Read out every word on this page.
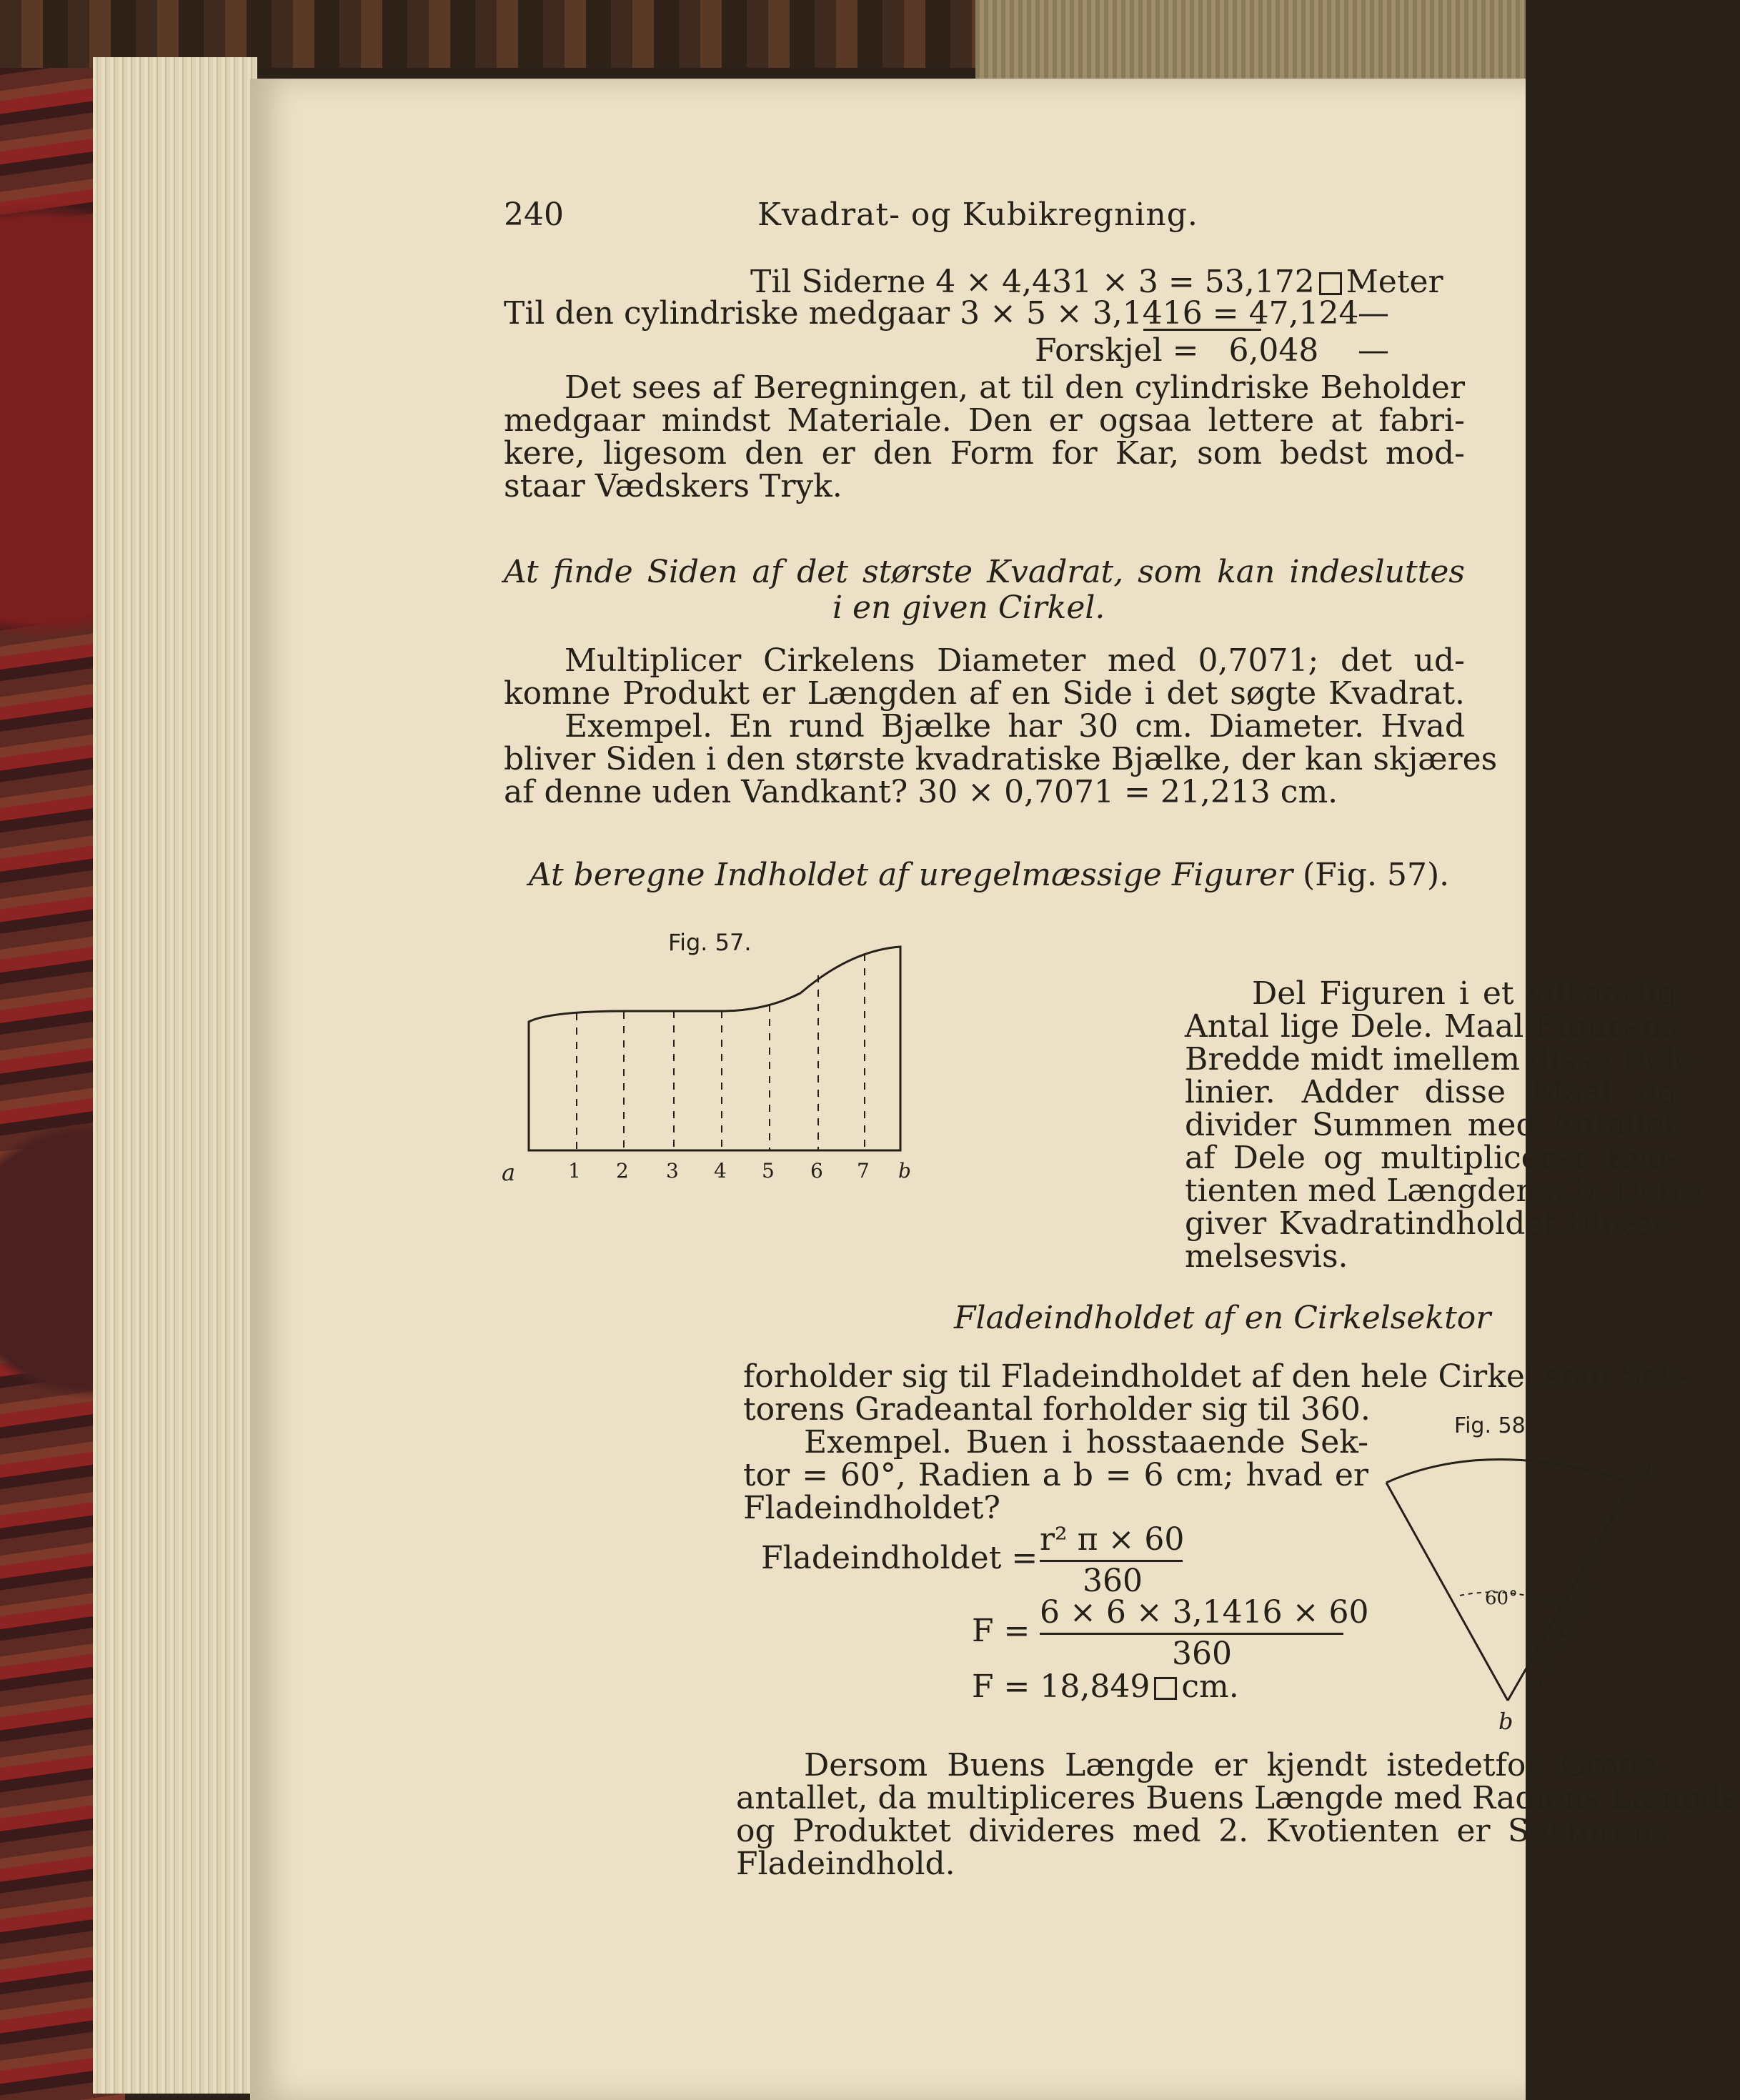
240	Kvadrat- og Kubikregning.
Til Siderne 4 × 4,431 × 3 = 53,172 Meter
Til den cylindriske medgaar 3 × 5 × 3,1416 = 47,124
—
Forskjel =   6,048 —
Det sees af Beregningen, at til den cylindriske Beholder
medgaar mindst Materiale. Den er ogsaa lettere at fabri-
kere, ligesom den er den Form for Kar, som bedst mod-
staar Vædskers Tryk.
At finde Siden af det største Kvadrat, som kan indesluttes
i en given Cirkel.
Multiplicer Cirkelens Diameter med 0,7071; det ud-
komne Produkt er Længden af en Side i det søgte Kvadrat.
Exempel. En rund Bjælke har 30 cm. Diameter. Hvad
bliver Siden i den største kvadratiske Bjælke, der kan skjæres
af denne uden Vandkant? 30 × 0,7071 = 21,213 cm.
At beregne Indholdet af uregelmæssige Figurer (Fig. 57).
Fig. 57.
a	1 2 3 4 5 6 7 b
Del Figuren i et vilkaarlig
Antal lige Dele. Maal Figurens
Bredde midt imellem disse Dele-
linier. Adder disse Maal og
divider Summen med Antallet
af Dele og multiplicerer Kvo-
tienten med Længden a b. Dette
giver Kvadratindholdet tilnær-
melsesvis.
Fladeindholdet af en Cirkelsektor
forholder sig til Fladeindholdet af den hele Cirkel som Sek-
torens Gradeantal forholder sig til 360.
Exempel. Buen i hosstaaende Sek-
tor = 60°, Radien a b = 6 cm; hvad er
Fladeindholdet?
Fladeindholdet =
r² π × 60
360
F =
6 × 6 × 3,1416 × 60
360
F = 18,849 cm.
Fig. 58.
60° 6 cm.
a
b
Dersom Buens Længde er kjendt istedetfor Grade-
antallet, da multipliceres Buens Længde med Radiens Længde
og Produktet divideres med 2. Kvotienten er Sektorens
Fladeindhold.
